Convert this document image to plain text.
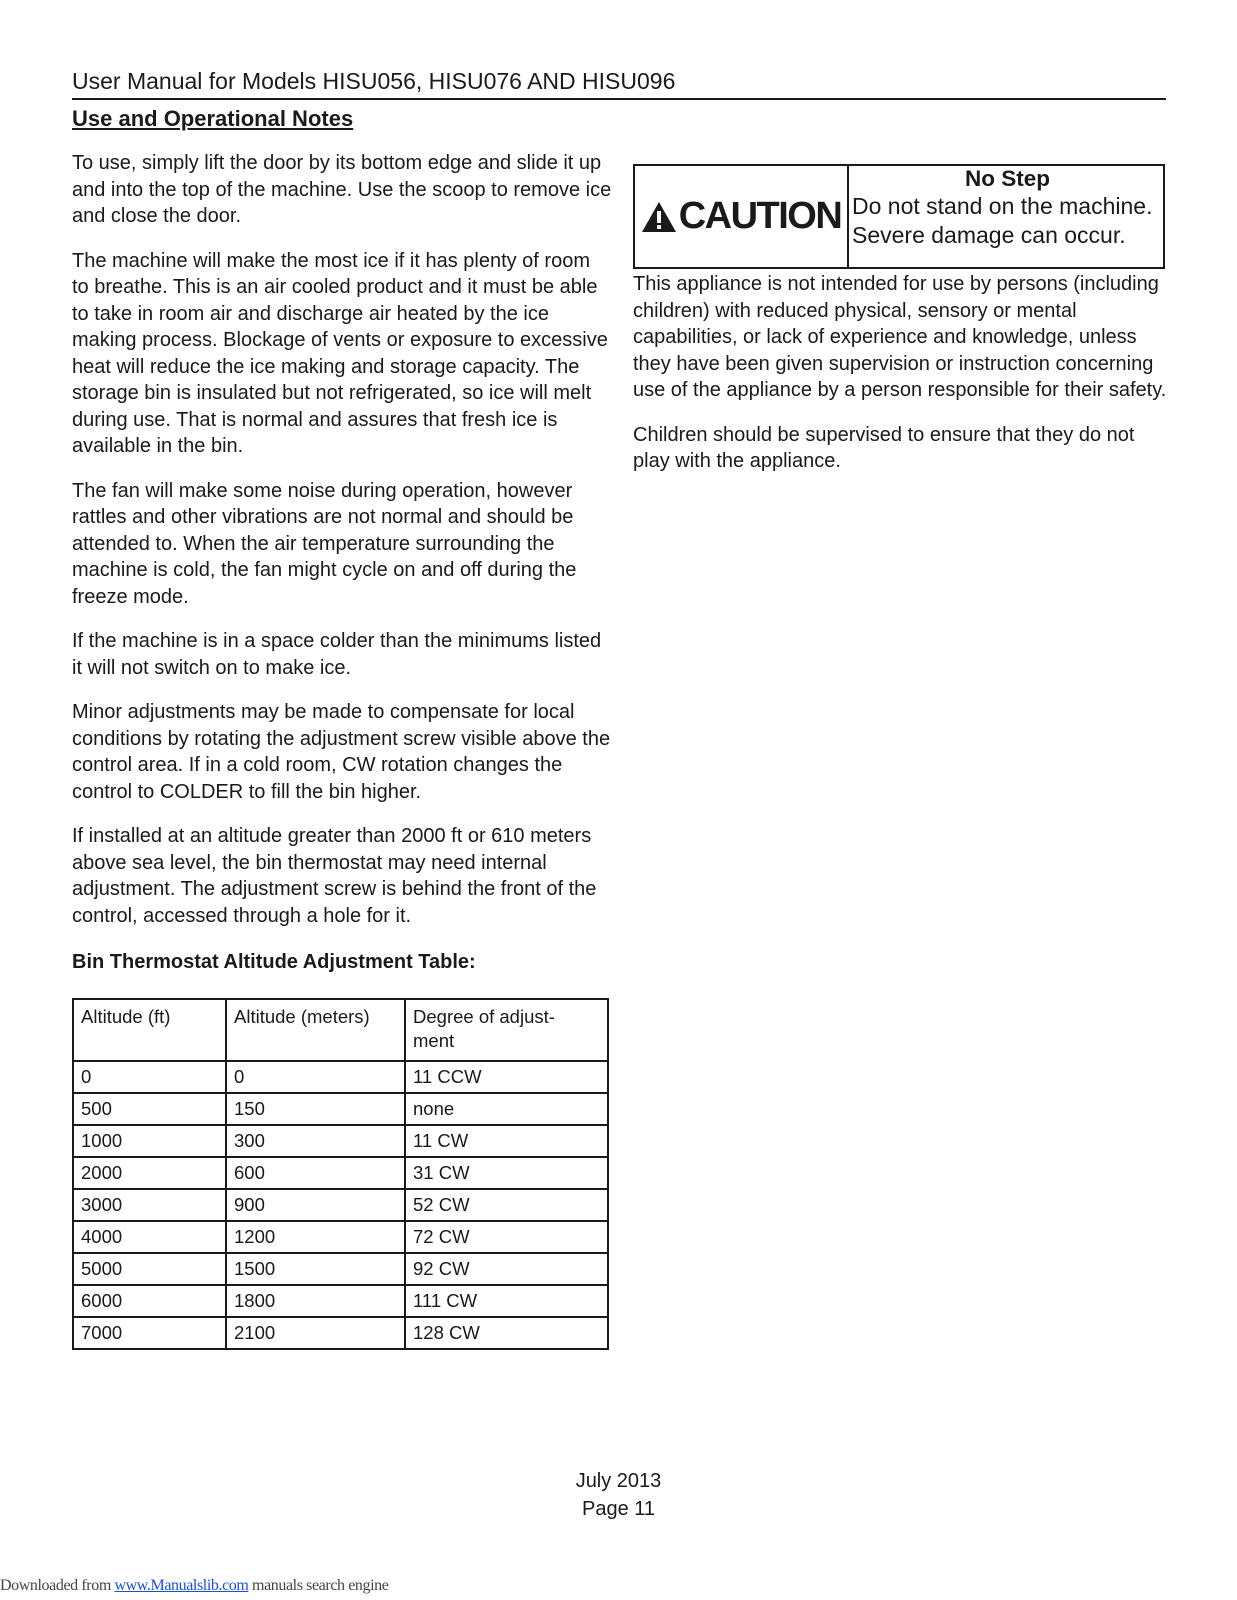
User Manual for Models HISU056, HISU076 AND HISU096
Use and Operational Notes

To use, simply lift the door by its bottom edge and slide it up and into the top of the machine. Use the scoop to remove ice and close the door.

The machine will make the most ice if it has plenty of room to breathe. This is an air cooled product and it must be able to take in room air and discharge air heated by the ice making process. Blockage of vents or exposure to excessive heat will reduce the ice making and storage capacity. The storage bin is insulated but not refrigerated, so ice will melt during use. That is normal and assures that fresh ice is available in the bin.

The fan will make some noise during operation, however rattles and other vibrations are not normal and should be attended to. When the air temperature surrounding the machine is cold, the fan might cycle on and off during the freeze mode.

If the machine is in a space colder than the minimums listed it will not switch on to make ice.

Minor adjustments may be made to compensate for local conditions by rotating the adjustment screw visible above the control area. If in a cold room, CW rotation changes the control to COLDER to fill the bin higher.

If installed at an altitude greater than 2000 ft or 610 meters above sea level, the bin thermostat may need internal adjustment. The adjustment screw is behind the front of the control, accessed through a hole for it.

Bin Thermostat Altitude Adjustment Table:
Altitude (ft)	Altitude (meters)	Degree of adjust-
ment
0	0	11 CCW
500	150	none
1000	300	11 CW
2000	600	31 CW
3000	900	52 CW
4000	1200	72 CW
5000	1500	92 CW
6000	1800	111 CW
7000	2100	128 CW
CAUTION
No Step
Do not stand on the machine.
Severe damage can occur.

This appliance is not intended for use by persons (including children) with reduced physical, sensory or mental capabilities, or lack of experience and knowledge, unless they have been given supervision or instruction concerning use of the appliance by a person responsible for their safety.

Children should be supervised to ensure that they do not play with the appliance.

July 2013
Page 11
Downloaded from www.Manualslib.com manuals search engine
